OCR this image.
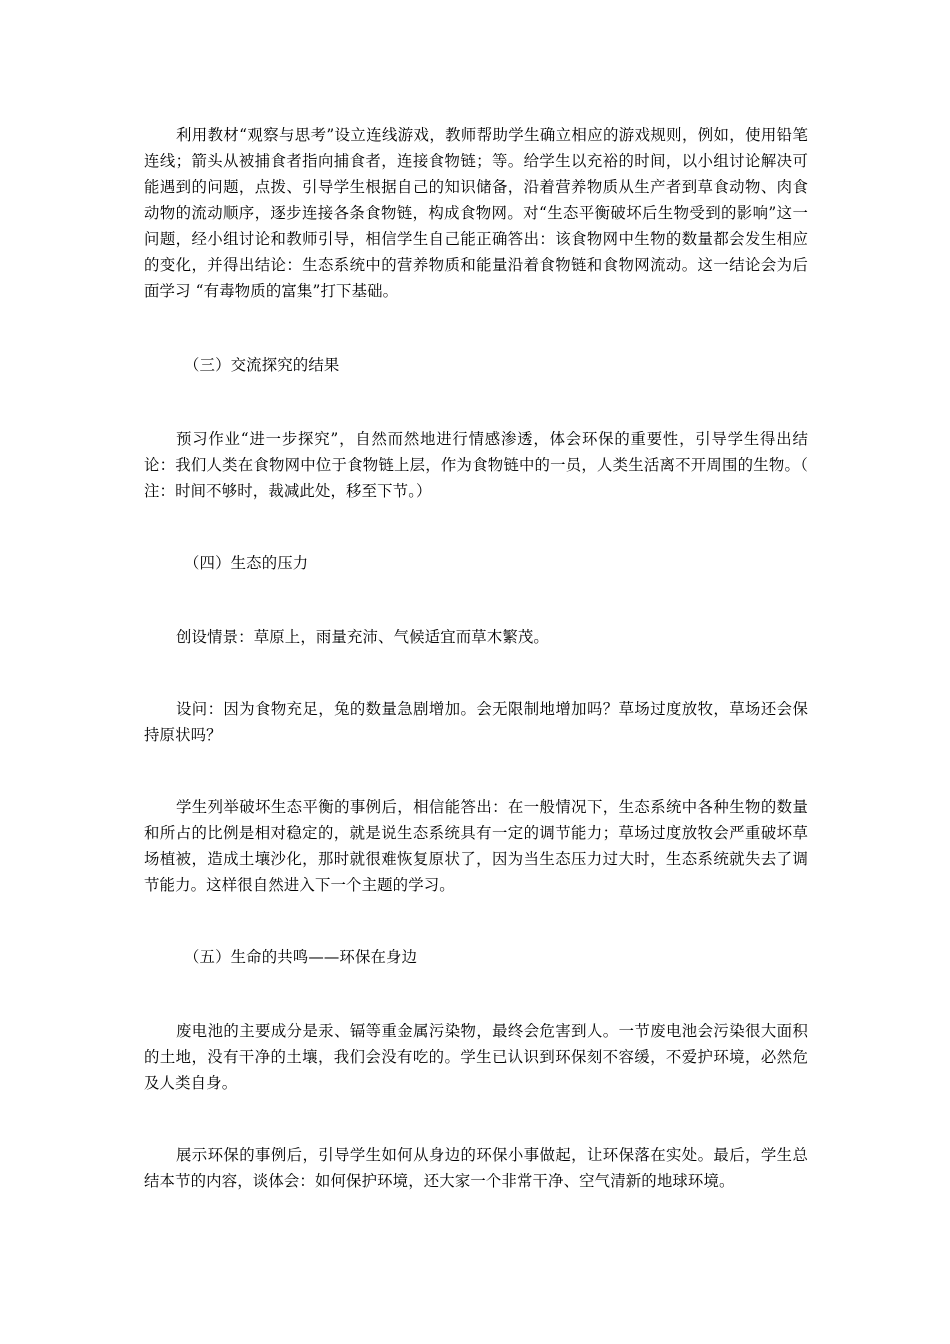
利用教材“观察与思考”设立连线游戏，教师帮助学生确立相应的游戏规则，例如，使用铅笔连线；箭头从被捕食者指向捕食者，连接食物链；等。给学生以充裕的时间，以小组讨论解决可能遇到的问题，点拨、引导学生根据自己的知识储备，沿着营养物质从生产者到草食动物、肉食动物的流动顺序，逐步连接各条食物链，构成食物网。对“生态平衡破坏后生物受到的影响”这一问题，经小组讨论和教师引导，相信学生自己能正确答出：该食物网中生物的数量都会发生相应的变化，并得出结论：生态系统中的营养物质和能量沿着食物链和食物网流动。这一结论会为后面学习 “有毒物质的富集”打下基础。

（三）交流探究的结果

预习作业“进一步探究”，自然而然地进行情感渗透，体会环保的重要性，引导学生得出结论：我们人类在食物网中位于食物链上层，作为食物链中的一员，人类生活离不开周围的生物。（ 注：时间不够时，裁减此处，移至下节。）

（四）生态的压力

创设情景：草原上，雨量充沛、气候适宜而草木繁茂。

设问：因为食物充足，兔的数量急剧增加。会无限制地增加吗？草场过度放牧，草场还会保持原状吗？

学生列举破坏生态平衡的事例后，相信能答出：在一般情况下，生态系统中各种生物的数量和所占的比例是相对稳定的，就是说生态系统具有一定的调节能力；草场过度放牧会严重破坏草场植被，造成土壤沙化，那时就很难恢复原状了，因为当生态压力过大时，生态系统就失去了调节能力。这样很自然进入下一个主题的学习。

（五）生命的共鸣——环保在身边

废电池的主要成分是汞、镉等重金属污染物，最终会危害到人。一节废电池会污染很大面积的土地，没有干净的土壤，我们会没有吃的。学生已认识到环保刻不容缓，不爱护环境，必然危及人类自身。

展示环保的事例后，引导学生如何从身边的环保小事做起，让环保落在实处。最后，学生总结本节的内容，谈体会：如何保护环境，还大家一个非常干净、空气清新的地球环境。
